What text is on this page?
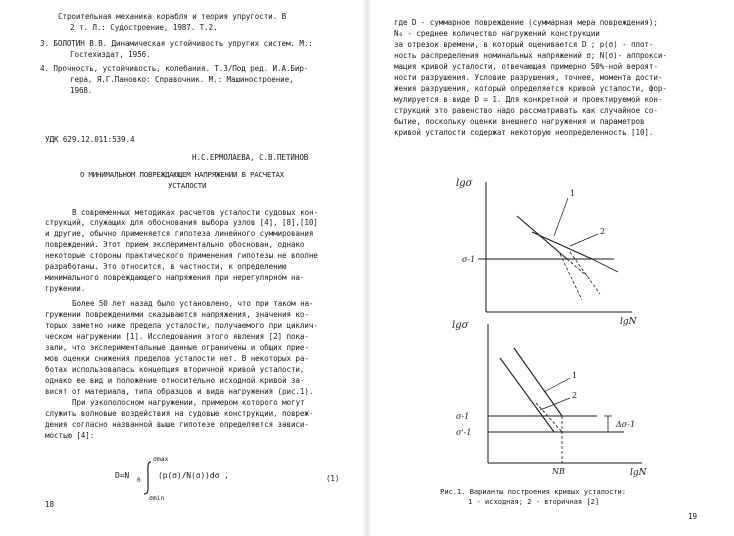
Строительная механика корабля и теория упругости. В

2 т. Л.: Судостроение, 1987. Т.2.

3. БОЛОТИН В.В. Динамическая устойчивость упругих систем. М.:

Гостехиздат, 1956.

4. Прочность, устойчивость, колебания. Т.3/Под ред. И.А.Бир-

гера, Я.Г.Пановко: Справочник. М.: Машиностроение,

1968.

УДК 629.12.011:539.4

Н.С.ЕРМОЛАЕВА, С.В.ПЕТИНОВ

О МИНИМАЛЬНОМ ПОВРЕЖДАЮЩЕМ НАПРЯЖЕНИИ В РАСЧЕТАХ

УСТАЛОСТИ

В современных методиках расчетов усталости судовых кон-

струкций, служащих для обоснования выбора узлов [4], [8],[10]

и другие, обычно применяется гипотеза линейного суммирования

повреждений. Этот прием экспериментально обоснован, однако

некоторые стороны практического применения гипотезы не вполне

разработаны. Это относится, в частности, к определению

минимального повреждающего напряжения при нерегулярном на-

гружении.

Более 50 лет назад было установлено, что при таком на-

гружении повреждениями сказываются напряжения, значения ко-

торых заметно ниже предела усталости, получаемого при циклич-

ческом нагружении [1]. Исследования этого явления [2] пока-

зали, что экспериментальные данные ограничены и общих прие-

мов оценки снижения пределов усталости нет. В некоторых ра-

ботах использовалась концепция вторичной кривой усталости,

однако ее вид и положение относительно исходной кривой за-

висят от материала, типа образцов и вида нагружения (рис.1).

При узкополосном нагружении, примером которого могут

служить волновые воздействия на судовые конструкции, повреж-

дения согласно названной выше гипотезе определяется зависи-

мостью [4]:

D=N
0
σmax
(p(σ)/N(σ))dσ ,
σmin
(1)

18

где D - суммарное повреждение (суммарная мера повреждения);

N₀ - среднее количество нагружений конструкции

за отрезок времени, в который оценивается D ; p(σ) - плот-

ность распределения номинальных напряжений σ; N(σ)- аппрокси-

мация кривой усталости, отвечающая примерно 50%-ной вероят-

ности разрушения. Условие разрушения, точнее, момента дости-

жения разрушения, который определяется кривой усталости, фор-

мулируется в виде D = 1. Для конкретной и проектируемой кон-

струкций это равенство надо рассматривать как случайное со-

бытие, поскольку оценки внешнего нагружения и параметров

кривой усталости содержат некоторую неопределенность [10].

lgσ
lgN
σ-1
1
2
lgσ
lgN
σ-1
σ'-1
Δσ-1
1
2
NB

Рис.1. Варианты построения кривых усталости:

1 - исходная; 2 - вторичная [2]

19
